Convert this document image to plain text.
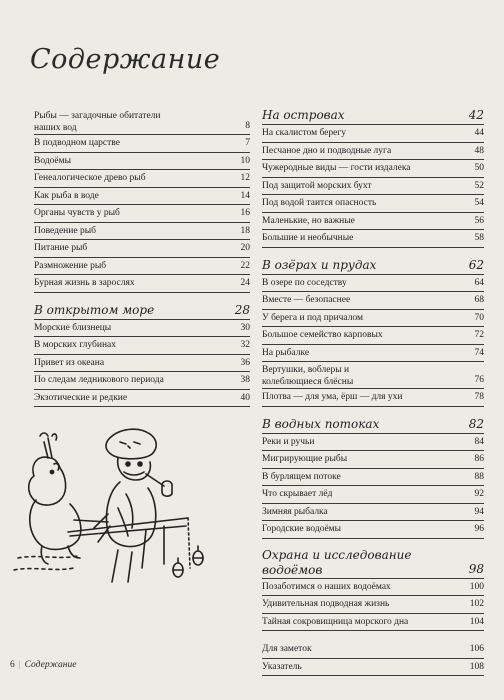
Содержание
Рыбы — загадочные обитатели наших вод	8
В подводном царстве	7
Водоёмы	10
Генеалогическое древо рыб	12
Как рыба в воде	14
Органы чувств у рыб	16
Поведение рыб	18
Питание рыб	20
Размножение рыб	22
Бурная жизнь в зарослях	24
В открытом море	28
Морские близнецы	30
В морских глубинах	32
Привет из океана	36
По следам ледникового периода	38
Экзотические и редкие	40
На островах	42
На скалистом берегу	44
Песчаное дно и подводные луга	48
Чужеродные виды — гости издалека	50
Под защитой морских бухт	52
Под водой таится опасность	54
Маленькие, но важные	56
Большие и необычные	58
В озёрах и прудах	62
В озере по соседству	64
Вместе — безопаснее	68
У берега и под причалом	70
Большое семейство карповых	72
На рыбалке	74
Вертушки, воблеры и колеблющиеся блёсны	76
Плотва — для ума, ёрш — для ухи	78
В водных потоках	82
Реки и ручьи	84
Мигрирующие рыбы	86
В бурлящем потоке	88
Что скрывает лёд	92
Зимняя рыбалка	94
Городские водоёмы	96
Охрана и исследование водоёмов	98
Позаботимся о наших водоёмах	100
Удивительная подводная жизнь	102
Тайная сокровищница морского дна	104
Для заметок	106
Указатель	108
6 | Содержание
